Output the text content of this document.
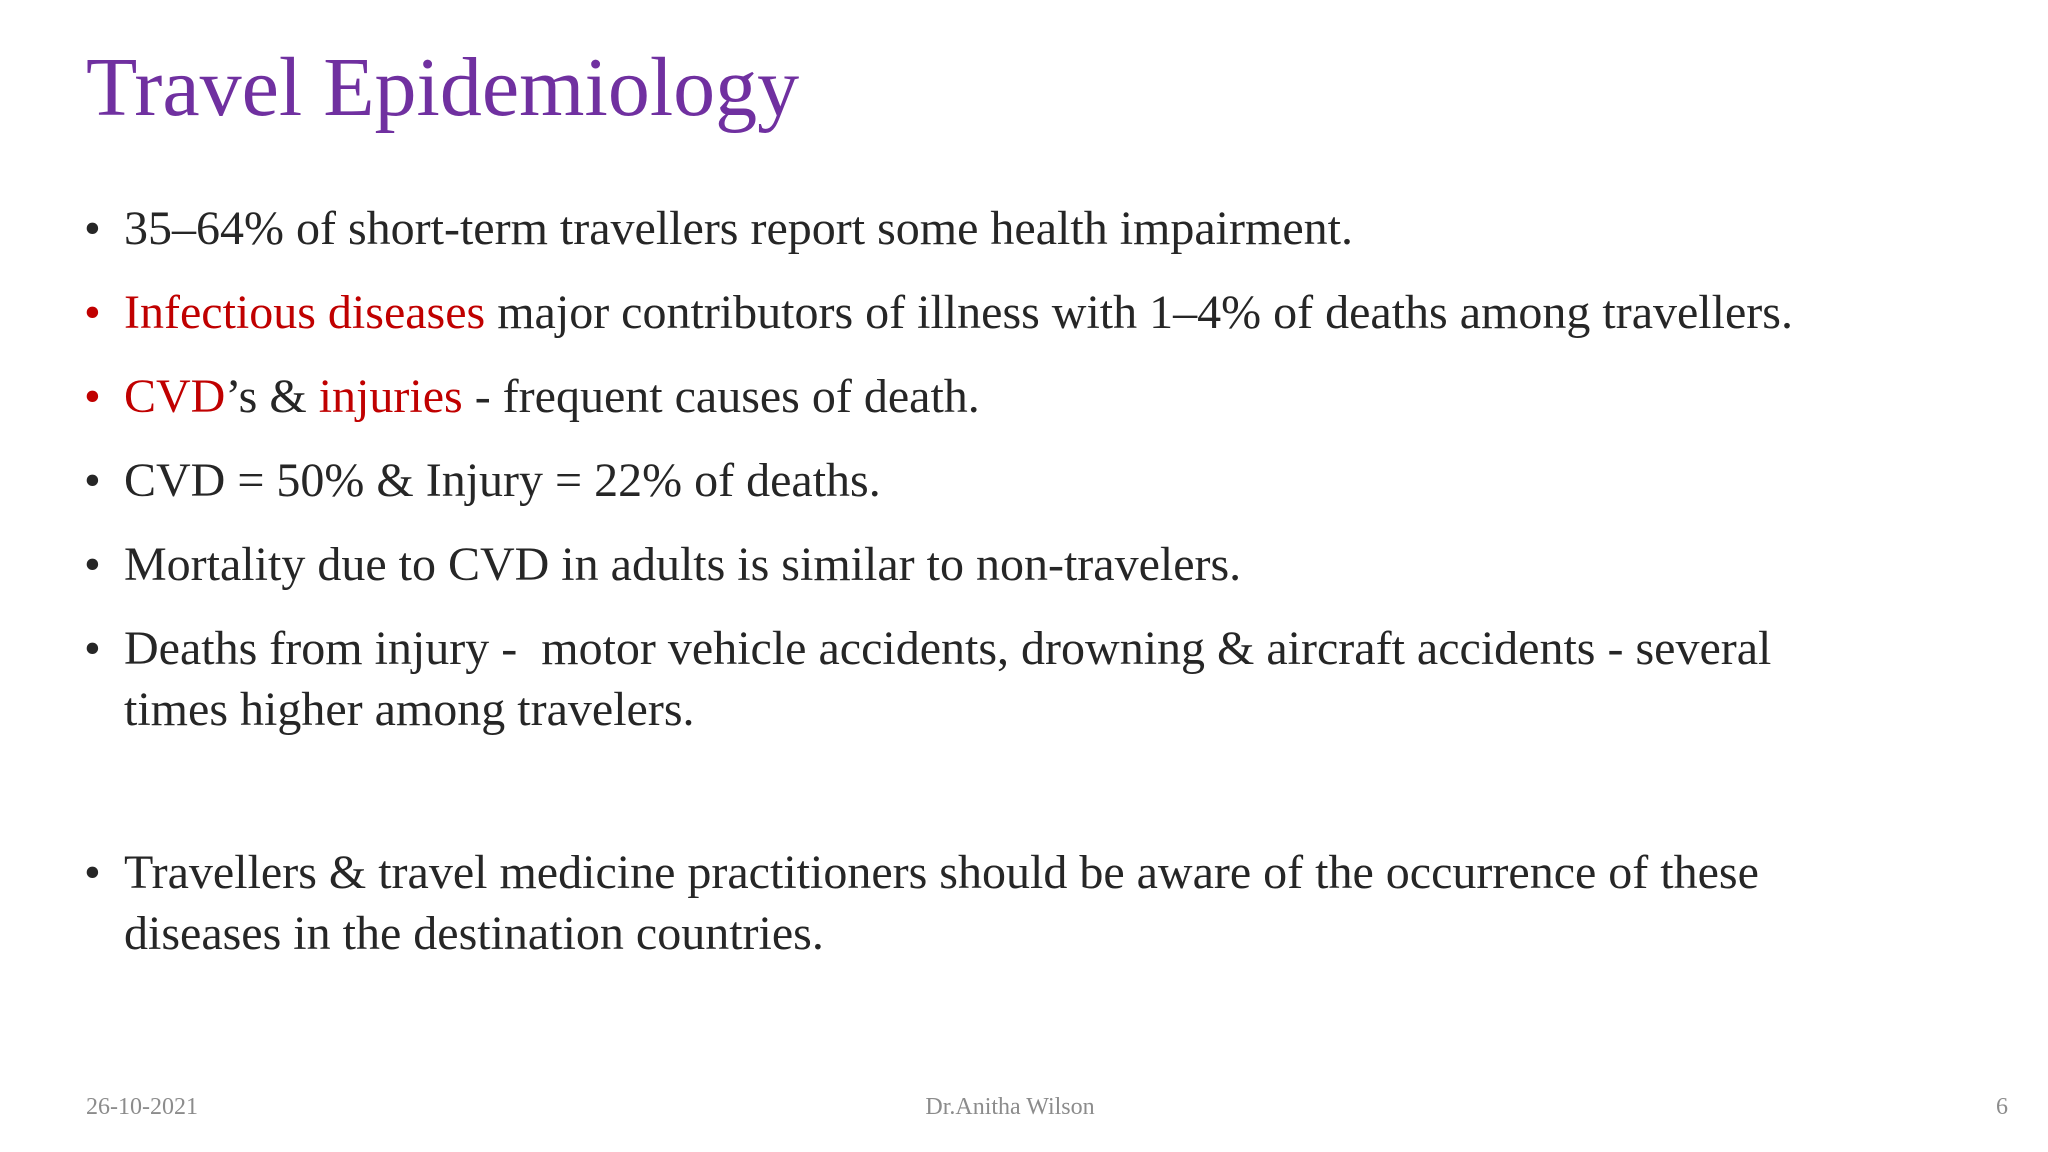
Travel Epidemiology
• 35–64% of short-term travellers report some health impairment.
• Infectious diseases major contributors of illness with 1–4% of deaths among travellers.
• CVD’s & injuries - frequent causes of death.
• CVD = 50% & Injury = 22% of deaths.
• Mortality due to CVD in adults is similar to non-travelers.
• Deaths from injury -  motor vehicle accidents, drowning & aircraft accidents - several
times higher among travelers.
• Travellers & travel medicine practitioners should be aware of the occurrence of these
diseases in the destination countries.
26-10-2021	Dr.Anitha Wilson	6
